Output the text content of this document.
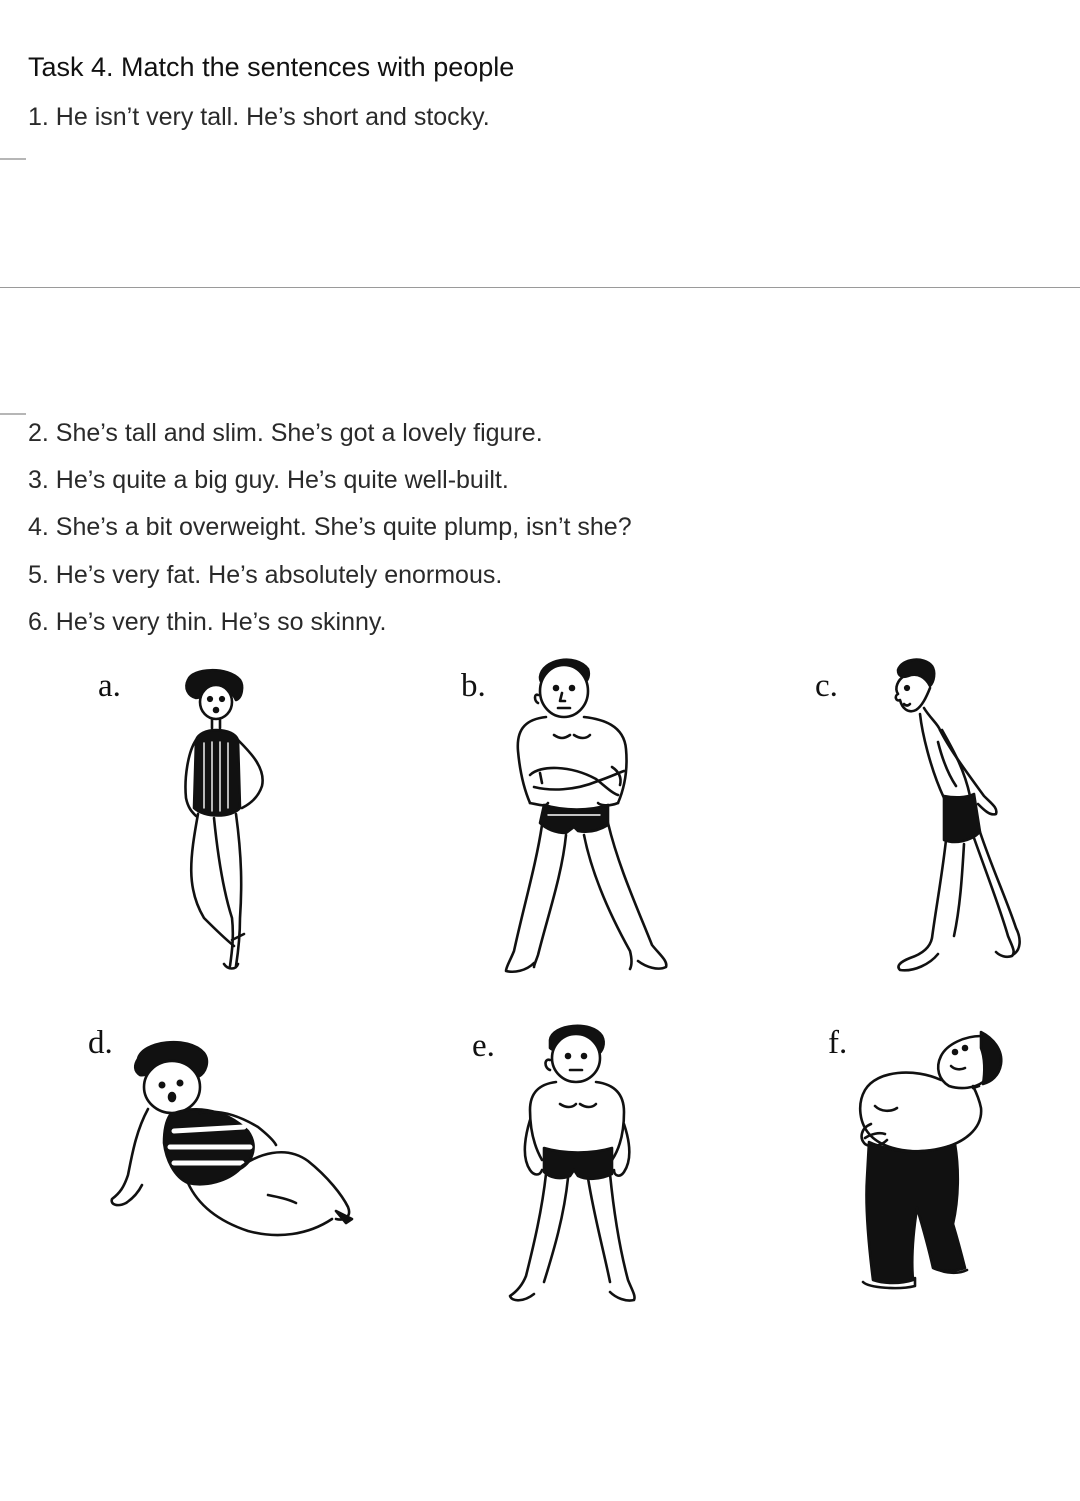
Task 4. Match the sentences with people
1. He isn’t very tall. He’s short and stocky.
2. She’s tall and slim. She’s got a lovely figure.
3. He’s quite a big guy. He’s quite well-built.
4. She’s a bit overweight. She’s quite plump, isn’t she?
5. He’s very fat. He’s absolutely enormous.
6. He’s very thin. He’s so skinny.
a.	b.	c.
d.	e.	f.
